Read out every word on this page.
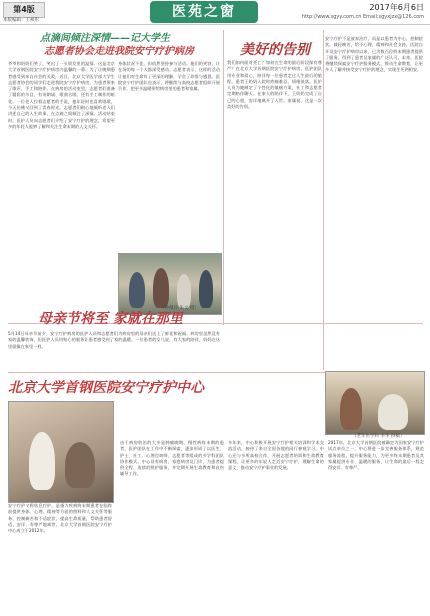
第4版
本版编辑：王祯彤
医苑之窗	2017年6月6日
http://www.sgyy.com.cn Email:sgyxjzx@126.com
点滴间倾注深情——记大学生
志愿者协会走进我院安宁疗护病房
爷爷和奶奶们笑了，笑出了一头银发里的温情。这是北京大学首钢医院安宁疗护病房内温馨的一幕。为了让晚期患者感受到来自社会的关爱，近日，北京大学医学部大学生志愿者协会的同学们走进我院安宁疗护病房，为患者带来了歌声、手工和陪伴。在病房的活动室里，志愿者们准备了精彩的节目，有诗朗诵、歌曲合唱，还有手工制作的纸花。一位老人拉着志愿者的手说，他年轻时也喜欢唱歌，今天仿佛又回到了青春时光。志愿者们耐心地倾听老人们讲述自己的人生故事，在点滴之间倾注了深情。活动结束时，医护人员向志愿者们介绍了安宁疗护的理念，希望更多的年轻人能够了解和关注生命末期的人文关怀。
身体状况不佳，但依然坚持参与活动。他们的笑容，让在场的每一个人都深受感动。志愿者表示，这样的活动让他们对生命有了更深的理解，学会了珍惜与感恩。医院安宁疗护团队也表示，将继续与高校志愿者组织开展合作，把更多温暖带给病房里的患者和家属。
（钟佩玲 朱文 摄）
美好的告别
我们如何面对死亡？如何在生命的最后阶段保有尊严？在北京大学首钢医院安宁疗护病房，医护团队用专业和爱心，陪伴每一位患者走过人生最后的旅程。患者王奶奶入院时疼痛难忍，情绪低落。医护人员为她制定了个性化的镇痛方案，社工和志愿者定期陪伴聊天。在家人的陪伴下，王奶奶完成了自己的心愿，安详地离开了人世。家属说，这是一次美好的告别。
安宁疗护不是放弃治疗，而是以患者为中心，控制症状，减轻痛苦，给予心理、精神和社会支持。医院自开设安宁疗护病房以来，已为数百位终末期患者提供了服务，得到了患者及家属的广泛认可。未来，医院将继续探索安宁疗护服务模式，推动生命教育，让更多人了解并接受安宁疗护的理念，实现生死两相安。
（老年医学科 李华 供稿）
母亲节将至 家就在那里
5月14日母亲节前夕，安宁疗护病房的医护人员和志愿者们为病房里的母亲们送上了鲜花和祝福。病房里虽然没有家的温馨装饰，但医护人员用贴心的服务让患者感受到了家的温暖。一位患者的女儿说，有大家的陪伴，妈妈在这里就像在家里一样。
北京大学首钢医院安宁疗护中心
安宁疗护又称姑息疗护，是指为疾病终末期患者在临终前提供身体、心理、精神等方面的照料和人文关怀等服务，控制痛苦和不适症状，提高生命质量，帮助患者舒适、安详、有尊严地离世。北京大学首钢医院安宁疗护中心成立于2012年。
由于病房收治的大多是肿瘤晚期、慢性病终末期的患者，医护团队在工作中不断探索，逐步形成了以医生、护士、社工、心理咨询师、志愿者等组成的多学科团队协作模式。中心设有病房、家庭病房及门诊，为患者提供全程、连续的照护服务，并定期开展生命教育和哀伤辅导工作。
多年来，中心积极开展安宁疗护相关培训和学术交流活动，接待了来自全国各地的同行参观学习。中心还与多所高校合作，开展志愿者培训和生命教育课程，让更多的年轻人走近安宁疗护，理解生命的意义，推动安宁疗护事业的发展。
2017年，北京大学首钢医院被确定为国家安宁疗护试点单位之一。中心将进一步完善服务体系，规范服务流程，提升服务能力，为更多终末期患者及其家属提供专业、温暖的服务，让生命的最后一程走得安详、有尊严。
